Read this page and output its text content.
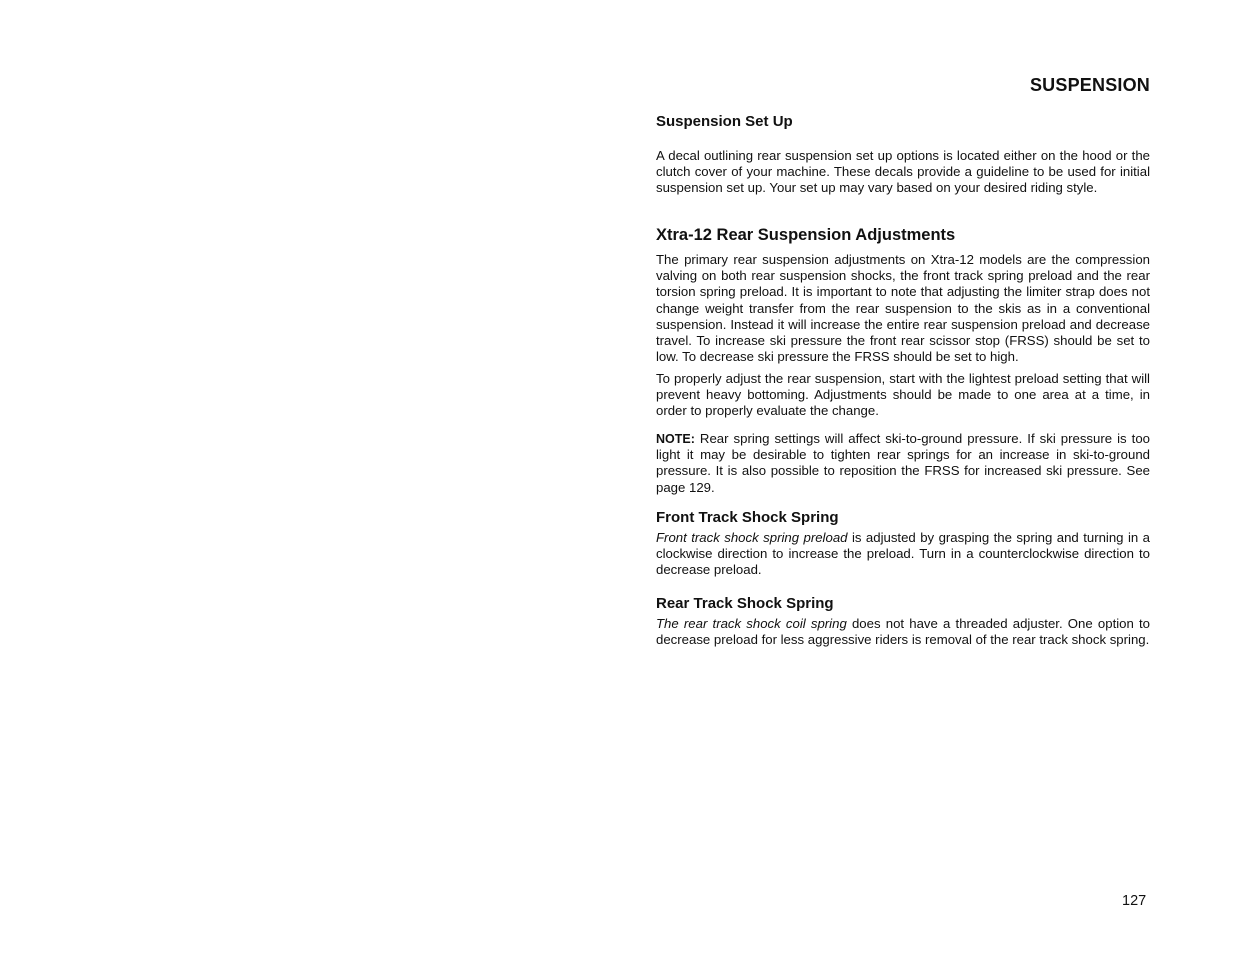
SUSPENSION
Suspension Set Up

A decal outlining rear suspension set up options is located either on the hood or the clutch cover of your machine. These decals provide a guideline to be used for initial suspension set up. Your set up may vary based on your desired riding style.

Xtra-12 Rear Suspension Adjustments

The primary rear suspension adjustments on Xtra-12 models are the compression valving on both rear suspension shocks, the front track spring preload and the rear torsion spring preload. It is important to note that adjusting the limiter strap does not change weight transfer from the rear suspension to the skis as in a conventional suspension. Instead it will increase the entire rear suspension preload and decrease travel. To increase ski pressure the front rear scissor stop (FRSS) should be set to low. To decrease ski pressure the FRSS should be set to high.

To properly adjust the rear suspension, start with the lightest preload setting that will prevent heavy bottoming. Adjustments should be made to one area at a time, in order to properly evaluate the change.

NOTE: Rear spring settings will affect ski-to-ground pressure. If ski pressure is too light it may be desirable to tighten rear springs for an increase in ski-to-ground pressure. It is also possible to reposition the FRSS for increased ski pressure. See page 129.

Front Track Shock Spring

Front track shock spring preload is adjusted by grasping the spring and turning in a clockwise direction to increase the preload. Turn in a counterclockwise direction to decrease preload.

Rear Track Shock Spring

The rear track shock coil spring does not have a threaded adjuster. One option to decrease preload for less aggressive riders is removal of the rear track shock spring.

127
